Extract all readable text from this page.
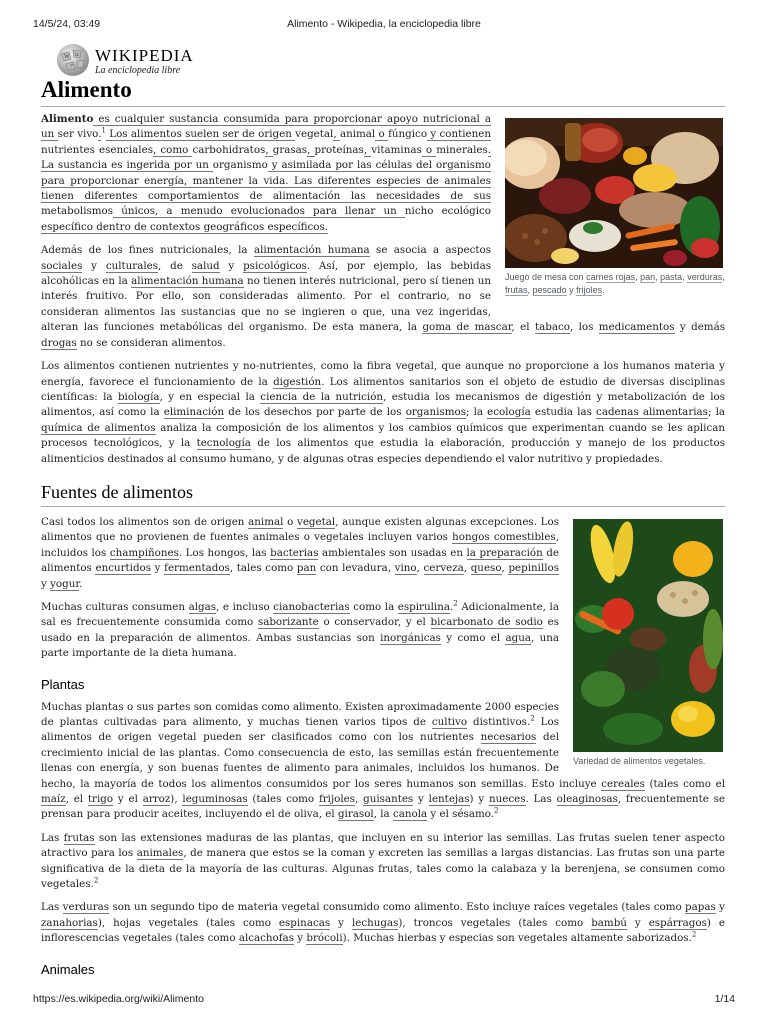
14/5/24, 03:49	Alimento - Wikipedia, la enciclopedia libre
W Ω
ア
WIKIPEDIA
La enciclopedia libre
Alimento
Juego de mesa con carnes rojas, pan, pasta, verduras, frutas, pescado y frijoles.

Alimento es cualquier sustancia consumida para proporcionar apoyo nutricional a un ser vivo.$^1$ Los alimentos suelen ser de origen vegetal, animal o fúngico y contienen nutrientes esenciales, como carbohidratos, grasas, proteínas, vitaminas o minerales. La sustancia es ingerida por un organismo y asimilada por las células del organismo para proporcionar energía, mantener la vida. Las diferentes especies de animales tienen diferentes comportamientos de alimentación las necesidades de sus metabolismos únicos, a menudo evolucionados para llenar un nicho ecológico específico dentro de contextos geográficos específicos.

Además de los fines nutricionales, la alimentación humana se asocia a aspectos sociales y culturales, de salud y psicológicos. Así, por ejemplo, las bebidas alcohólicas en la alimentación humana no tienen interés nutricional, pero sí tienen un interés fruitivo. Por ello, son consideradas alimento. Por el contrario, no se consideran alimentos las sustancias que no se ingieren o que, una vez ingeridas, alteran las funciones metabólicas del organismo. De esta manera, la goma de mascar, el tabaco, los medicamentos y demás drogas no se consideran alimentos.

Los alimentos contienen nutrientes y no-nutrientes, como la fibra vegetal, que aunque no proporcione a los humanos materia y energía, favorece el funcionamiento de la digestión. Los alimentos sanitarios son el objeto de estudio de diversas disciplinas científicas: la biología, y en especial la ciencia de la nutrición, estudia los mecanismos de digestión y metabolización de los alimentos, así como la eliminación de los desechos por parte de los organismos; la ecología estudia las cadenas alimentarias; la química de alimentos analiza la composición de los alimentos y los cambios químicos que experimentan cuando se les aplican procesos tecnológicos, y la tecnología de los alimentos que estudia la elaboración, producción y manejo de los productos alimenticios destinados al consumo humano, y de algunas otras especies dependiendo el valor nutritivo y propiedades.

Fuentes de alimentos
Variedad de alimentos vegetales.

Casi todos los alimentos son de origen animal o vegetal, aunque existen algunas excepciones. Los alimentos que no provienen de fuentes animales o vegetales incluyen varios hongos comestibles, incluidos los champiñones. Los hongos, las bacterias ambientales son usadas en la preparación de alimentos encurtidos y fermentados, tales como pan con levadura, vino, cerveza, queso, pepinillos y yogur.

Muchas culturas consumen algas, e incluso cianobacterias como la espirulina.$^2$ Adicionalmente, la sal es frecuentemente consumida como saborizante o conservador, y el bicarbonato de sodio es usado en la preparación de alimentos. Ambas sustancias son inorgánicas y como el agua, una parte importante de la dieta humana.

Plantas

Muchas plantas o sus partes son comidas como alimento. Existen aproximadamente 2000 especies de plantas cultivadas para alimento, y muchas tienen varios tipos de cultivo distintivos.$^2$ Los alimentos de origen vegetal pueden ser clasificados como con los nutrientes necesarios del crecimiento inicial de las plantas. Como consecuencia de esto, las semillas están frecuentemente llenas con energía, y son buenas fuentes de alimento para animales, incluidos los humanos. De hecho, la mayoría de todos los alimentos consumidos por los seres humanos son semillas. Esto incluye cereales (tales como el maíz, el trigo y el arroz), leguminosas (tales como frijoles, guisantes y lentejas) y nueces. Las oleaginosas, frecuentemente se prensan para producir aceites, incluyendo el de oliva, el girasol, la canola y el sésamo.$^2$

Las frutas son las extensiones maduras de las plantas, que incluyen en su interior las semillas. Las frutas suelen tener aspecto atractivo para los animales, de manera que estos se la coman y excreten las semillas a largas distancias. Las frutas son una parte significativa de la dieta de la mayoría de las culturas. Algunas frutas, tales como la calabaza y la berenjena, se consumen como vegetales.$^2$

Las verduras son un segundo tipo de materia vegetal consumido como alimento. Esto incluye raíces vegetales (tales como papas y zanahorias), hojas vegetales (tales como espinacas y lechugas), troncos vegetales (tales como bambú y espárragos) e inflorescencias vegetales (tales como alcachofas y brócoli). Muchas hierbas y especias son vegetales altamente saborizados.$^2$

Animales
https://es.wikipedia.org/wiki/Alimento	1/14
